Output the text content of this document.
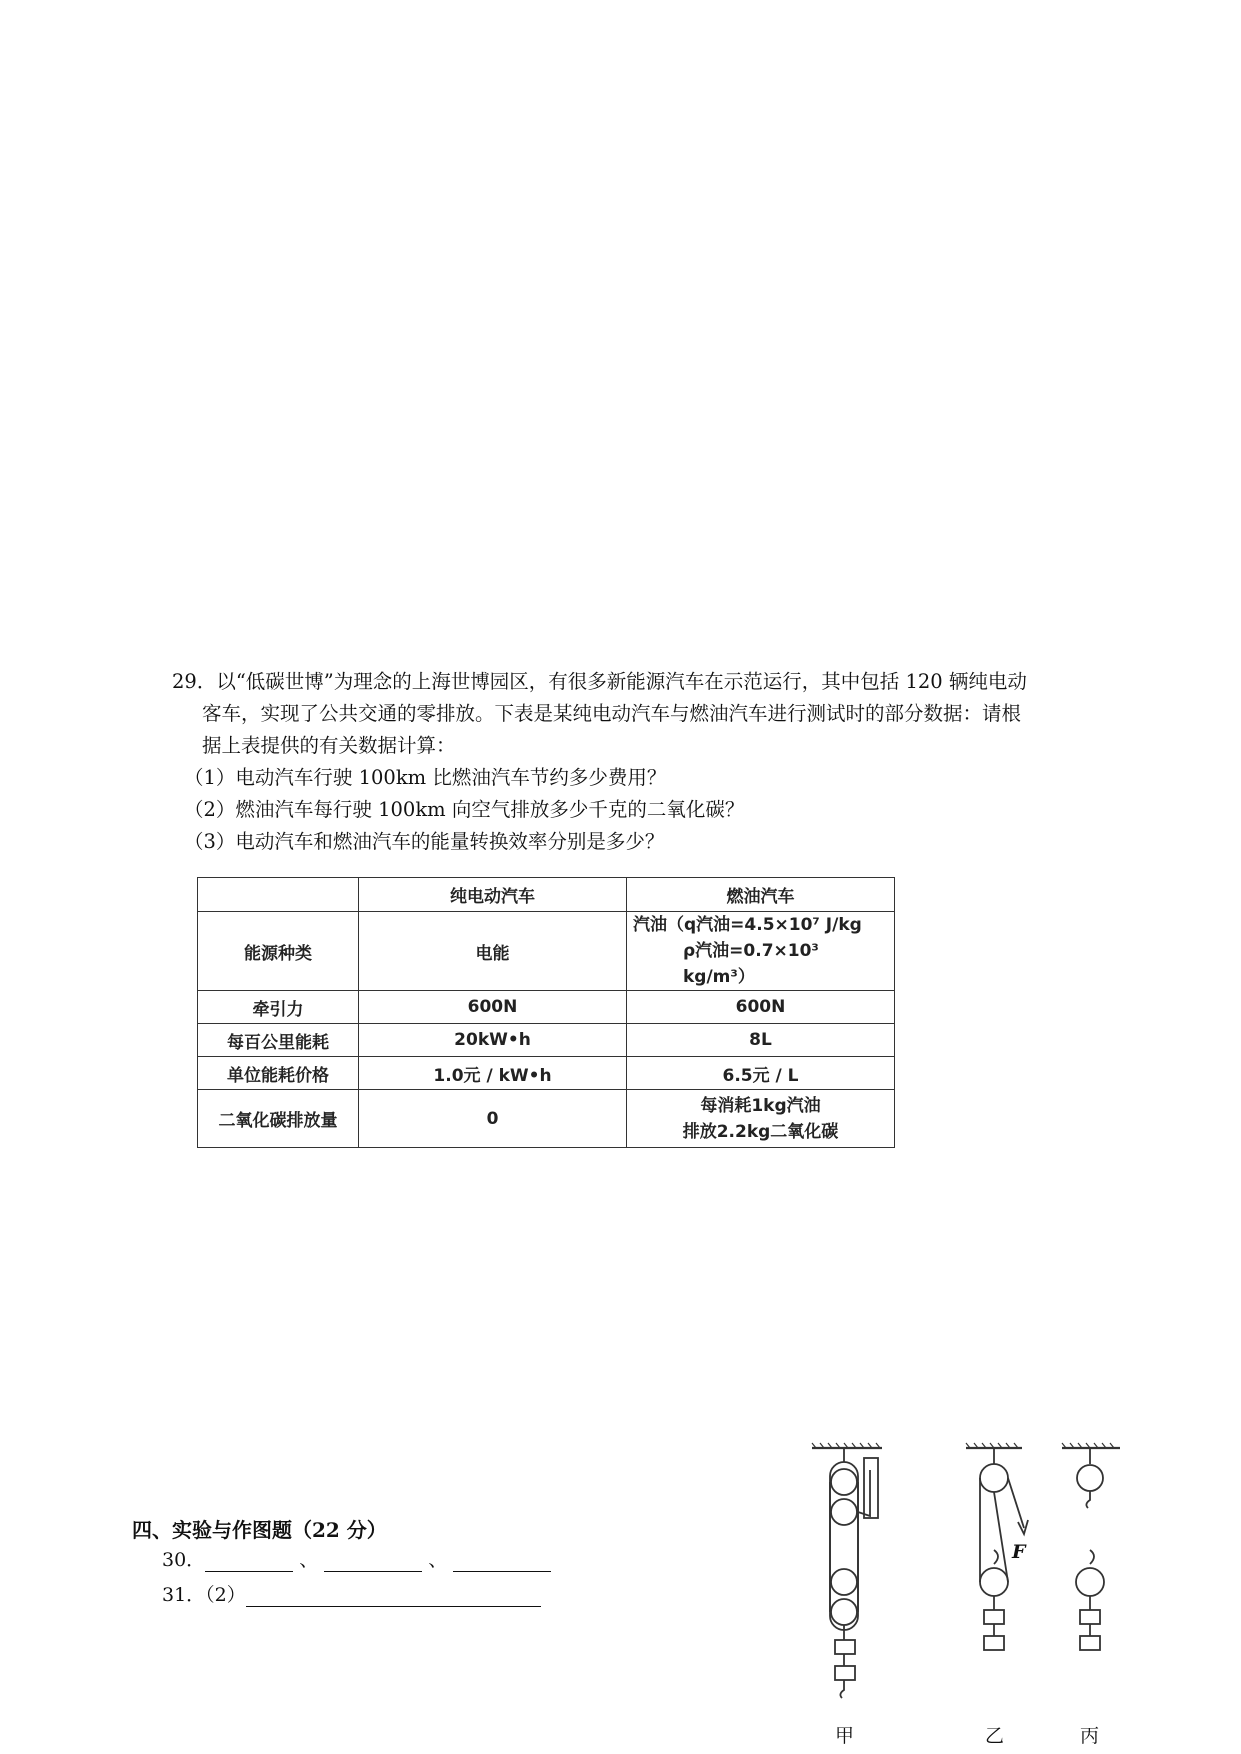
29．以“低碳世博”为理念的上海世博园区，有很多新能源汽车在示范运行，其中包括 120 辆纯电动
客车，实现了公共交通的零排放。下表是某纯电动汽车与燃油汽车进行测试时的部分数据：请根
据上表提供的有关数据计算：
（1）电动汽车行驶 100km 比燃油汽车节约多少费用？
（2）燃油汽车每行驶 100km 向空气排放多少千克的二氧化碳？
（3）电动汽车和燃油汽车的能量转换效率分别是多少？
	纯电动汽车	燃油汽车
能源种类	电能	汽油（q汽油=4.5×10⁷ J/kg
ρ汽油=0.7×10³ kg/m³）

牵引力	600N	600N
每百公里能耗	20kW•h	8L
单位能耗价格	1.0元 / kW•h	6.5元 / L
二氧化碳排放量	0	每消耗1kg汽油
排放2.2kg二氧化碳
四、实验与作图题（22 分）
30．	、	、
31．（2）
F
甲	乙	丙
